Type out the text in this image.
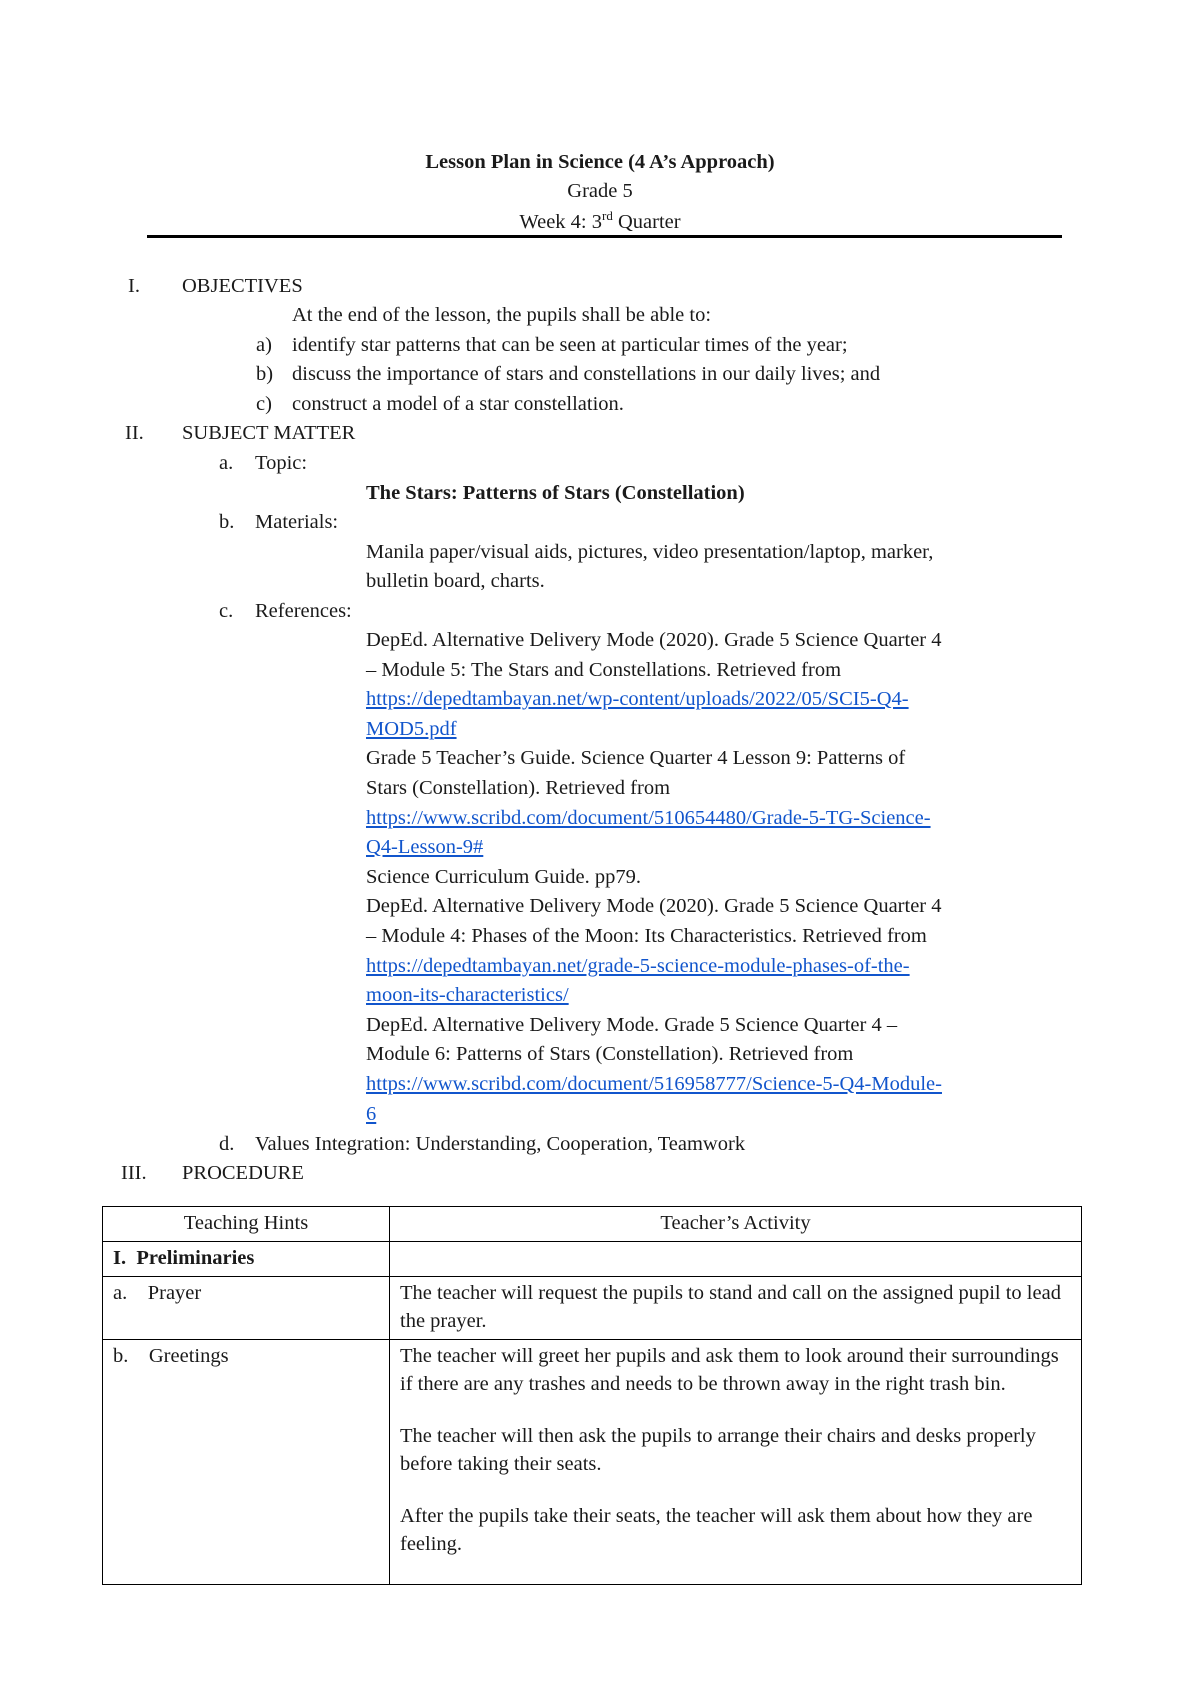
Lesson Plan in Science (4 A’s Approach)
Grade 5
Week 4: 3rd Quarter
I. OBJECTIVES
At the end of the lesson, the pupils shall be able to:
a) identify star patterns that can be seen at particular times of the year;
b) discuss the importance of stars and constellations in our daily lives; and
c) construct a model of a star constellation.
II. SUBJECT MATTER
a. Topic:
The Stars: Patterns of Stars (Constellation)
b. Materials:
Manila paper/visual aids, pictures, video presentation/laptop, marker,
bulletin board, charts.
c. References:
DepEd. Alternative Delivery Mode (2020). Grade 5 Science Quarter 4
– Module 5: The Stars and Constellations. Retrieved from
https://depedtambayan.net/wp-content/uploads/2022/05/SCI5-Q4-
MOD5.pdf
Grade 5 Teacher’s Guide. Science Quarter 4 Lesson 9: Patterns of
Stars (Constellation). Retrieved from
https://www.scribd.com/document/510654480/Grade-5-TG-Science-
Q4-Lesson-9#
Science Curriculum Guide. pp79.
DepEd. Alternative Delivery Mode (2020). Grade 5 Science Quarter 4
– Module 4: Phases of the Moon: Its Characteristics. Retrieved from
https://depedtambayan.net/grade-5-science-module-phases-of-the-
moon-its-characteristics/
DepEd. Alternative Delivery Mode. Grade 5 Science Quarter 4 –
Module 6: Patterns of Stars (Constellation). Retrieved from
https://www.scribd.com/document/516958777/Science-5-Q4-Module-
6
d. Values Integration: Understanding, Cooperation, Teamwork
III. PROCEDURE
Teaching Hints	Teacher’s Activity
I.  Preliminaries	
a.    Prayer	The teacher will request the pupils to stand and call on the assigned pupil to lead the prayer.

b.    Greetings	The teacher will greet her pupils and ask them to look around their surroundings if there are any trashes and needs to be thrown away in the right trash bin.

The teacher will then ask the pupils to arrange their chairs and desks properly before taking their seats.

After the pupils take their seats, the teacher will ask them about how they are feeling.
